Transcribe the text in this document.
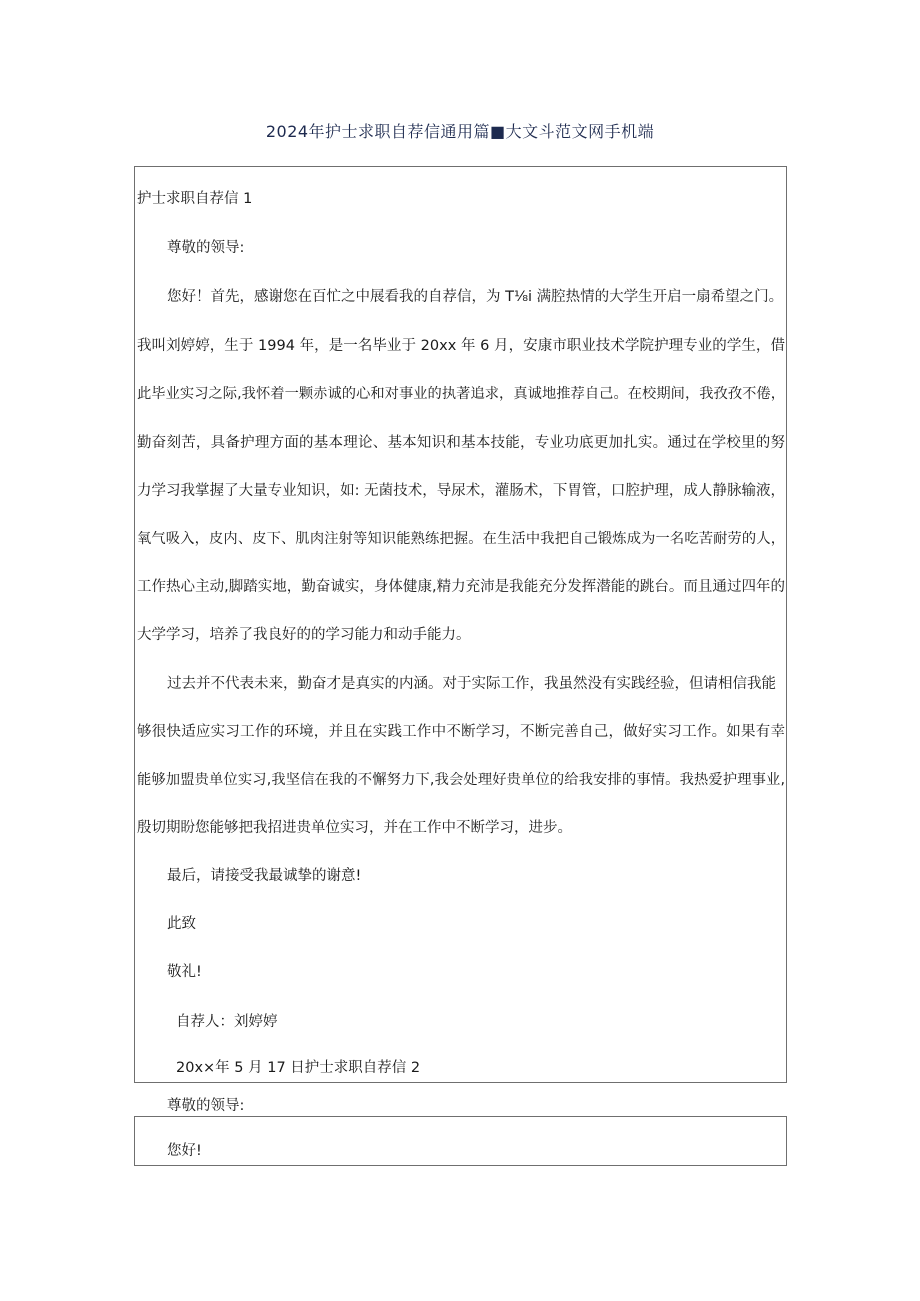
2024年护士求职自荐信通用篇■大文斗范文网手机端
护士求职自荐信 1
尊敬的领导:
您好！首先，感谢您在百忙之中展看我的自荐信，为 T⅛i 满腔热情的大学生开启一扇希望之门。
我叫刘婷婷，生于 1994 年，是一名毕业于 20xx 年 6 月，安康市职业技术学院护理专业的学生，借
此毕业实习之际,我怀着一颗赤诚的心和对事业的执著追求，真诚地推荐自己。在校期间，我孜孜不倦，
勤奋刻苦，具备护理方面的基本理论、基本知识和基本技能，专业功底更加扎实。通过在学校里的努
力学习我掌握了大量专业知识，如: 无菌技术，导尿术，灌肠术，下胃管，口腔护理，成人静脉输液，
氧气吸入，皮内、皮下、肌肉注射等知识能熟练把握。在生活中我把自己锻炼成为一名吃苦耐劳的人，
工作热心主动,脚踏实地，勤奋诚实，身体健康,精力充沛是我能充分发挥潜能的跳台。而且通过四年的
大学学习，培养了我良好的的学习能力和动手能力。
过去并不代表未来，勤奋才是真实的内涵。对于实际工作，我虽然没有实践经验，但请相信我能
够很快适应实习工作的环境，并且在实践工作中不断学习，不断完善自己，做好实习工作。如果有幸
能够加盟贵单位实习,我坚信在我的不懈努力下,我会处理好贵单位的给我安排的事情。我热爱护理事业,
殷切期盼您能够把我招进贵单位实习，并在工作中不断学习，进步。
最后，请接受我最诚挚的谢意!
此致
敬礼!
自荐人：刘婷婷
20x×年 5 月 17 日护士求职自荐信 2
尊敬的领导:
您好!
